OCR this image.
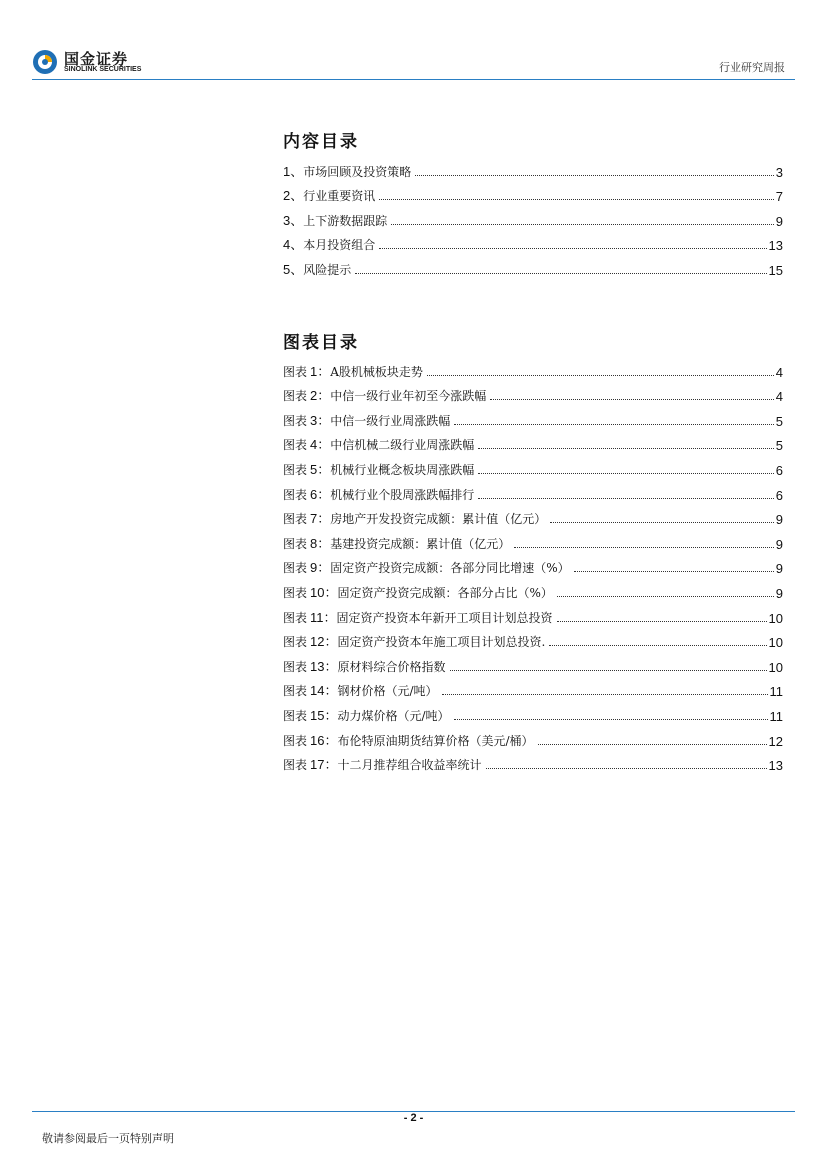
国金证券
SINOLINK SECURITIES	行业研究周报
内容目录
1、 市场回顾及投资策略	3
2、 行业重要资讯	7
3、 上下游数据跟踪	9
4、 本月投资组合	13
5、 风险提示	15
图表目录
图表 1： A股机械板块走势	4
图表 2： 中信一级行业年初至今涨跌幅	4
图表 3： 中信一级行业周涨跌幅	5
图表 4： 中信机械二级行业周涨跌幅	5
图表 5： 机械行业概念板块周涨跌幅	6
图表 6： 机械行业个股周涨跌幅排行	6
图表 7： 房地产开发投资完成额：累计值（亿元）	9
图表 8： 基建投资完成额：累计值（亿元）	9
图表 9： 固定资产投资完成额：各部分同比增速（%）	9
图表 10： 固定资产投资完成额：各部分占比（%）	9
图表 11： 固定资产投资本年新开工项目计划总投资	10
图表 12： 固定资产投资本年施工项目计划总投资.	10
图表 13： 原材料综合价格指数	10
图表 14： 钢材价格（元/吨）	11
图表 15： 动力煤价格（元/吨）	11
图表 16： 布伦特原油期货结算价格（美元/桶）	12
图表 17： 十二月推荐组合收益率统计	13
- 2 -
敬请参阅最后一页特别声明
